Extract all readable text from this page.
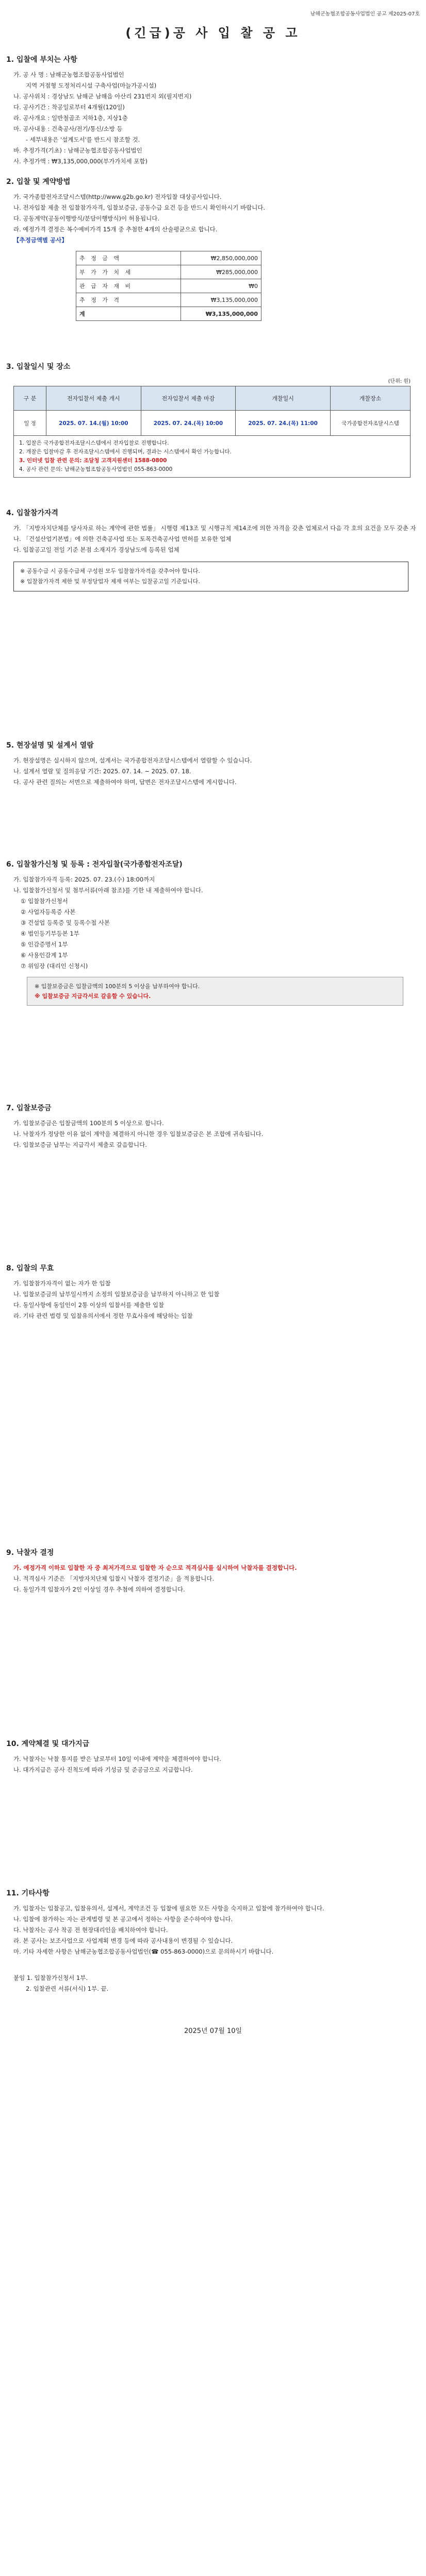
남해군농협조합공동사업법인 공고 제2025-07호
(긴급)공 사 입 찰 공 고
1. 입찰에 부치는 사항
가. 공 사 명 : 남해군농협조합공동사업법인
지역 거점형 도정처리시설 구축사업(마늘가공시설)
나. 공사위치 : 경상남도 남해군 남해읍 아산리 231번지 외(필지번지)
다. 공사기간 : 착공일로부터 4개월(120일)
라. 공사개요 : 일반철골조 지하1층, 지상1층
마. 공사내용 : 건축공사/전기/통신/소방 등
- 세부내용은 '설계도서'를 반드시 참조할 것.
바. 추정가격(기초) : 남해군농협조합공동사업법인
사. 추정가액 : ₩3,135,000,000(부가가치세 포함)
2. 입찰 및 계약방법
가. 국가종합전자조달시스템(http://www.g2b.go.kr) 전자입찰 대상공사입니다.
나. 전자입찰 제출 전 입찰참가자격, 입찰보증금, 공동수급 요건 등을 반드시 확인하시기 바랍니다.
다. 공동계약(공동이행방식/분담이행방식)이 허용됩니다.
라. 예정가격 결정은 복수예비가격 15개 중 추첨한 4개의 산술평균으로 합니다.
【추정금액별 공사】
추 정 금 액	₩2,850,000,000
부 가 가 치 세	₩285,000,000
관 급 자 재 비	₩0
추 정 가 격	₩3,135,000,000
계	₩3,135,000,000
3. 입찰일시 및 장소
(단위: 원)
구 분	전자입찰서 제출 개시	전자입찰서 제출 마감	개찰일시	개찰장소
일 정	2025. 07. 14.(월) 10:00	2025. 07. 24.(목) 10:00	2025. 07. 24.(목) 11:00	국가종합전자조달시스템
1. 입찰은 국가종합전자조달시스템에서 전자입찰로 진행합니다.
2. 개찰은 입찰마감 후 전자조달시스템에서 진행되며, 결과는 시스템에서 확인 가능합니다.
3. 인터넷 입찰 관련 문의: 조달청 고객지원센터 1588-0800
4. 공사 관련 문의: 남해군농협조합공동사업법인 055-863-0000
4. 입찰참가자격
가. 「지방자치단체를 당사자로 하는 계약에 관한 법률」 시행령 제13조 및 시행규칙 제14조에 의한 자격을 갖춘 업체로서 다음 각 호의 요건을 모두 갖춘 자
나. 「건설산업기본법」에 의한 건축공사업 또는 토목건축공사업 면허를 보유한 업체
다. 입찰공고일 전일 기준 본점 소재지가 경상남도에 등록된 업체
※ 공동수급 시 공동수급체 구성원 모두 입찰참가자격을 갖추어야 합니다.
※ 입찰참가자격 제한 및 부정당업자 제재 여부는 입찰공고일 기준입니다.
5. 현장설명 및 설계서 열람
가. 현장설명은 실시하지 않으며, 설계서는 국가종합전자조달시스템에서 열람할 수 있습니다.
나. 설계서 열람 및 질의응답 기간: 2025. 07. 14. ~ 2025. 07. 18.
다. 공사 관련 질의는 서면으로 제출하여야 하며, 답변은 전자조달시스템에 게시합니다.
6. 입찰참가신청 및 등록 : 전자입찰(국가종합전자조달)
가. 입찰참가자격 등록: 2025. 07. 23.(수) 18:00까지
나. 입찰참가신청서 및 첨부서류(아래 참조)를 기한 내 제출하여야 합니다.
① 입찰참가신청서
② 사업자등록증 사본
③ 건설업 등록증 및 등록수첩 사본
④ 법인등기부등본 1부
⑤ 인감증명서 1부
⑥ 사용인감계 1부
⑦ 위임장 (대리인 신청시)
※ 입찰보증금은 입찰금액의 100분의 5 이상을 납부하여야 합니다.
※ 입찰보증금 지급각서로 갈음할 수 있습니다.
7. 입찰보증금
가. 입찰보증금은 입찰금액의 100분의 5 이상으로 합니다.
나. 낙찰자가 정당한 이유 없이 계약을 체결하지 아니한 경우 입찰보증금은 본 조합에 귀속됩니다.
다. 입찰보증금 납부는 지급각서 제출로 갈음합니다.
8. 입찰의 무효
가. 입찰참가자격이 없는 자가 한 입찰
나. 입찰보증금의 납부일시까지 소정의 입찰보증금을 납부하지 아니하고 한 입찰
다. 동일사항에 동일인이 2통 이상의 입찰서를 제출한 입찰
라. 기타 관련 법령 및 입찰유의서에서 정한 무효사유에 해당하는 입찰
9. 낙찰자 결정
가. 예정가격 이하로 입찰한 자 중 최저가격으로 입찰한 자 순으로 적격심사를 실시하여 낙찰자를 결정합니다.
나. 적격심사 기준은 「지방자치단체 입찰시 낙찰자 결정기준」을 적용합니다.
다. 동일가격 입찰자가 2인 이상일 경우 추첨에 의하여 결정합니다.
10. 계약체결 및 대가지급
가. 낙찰자는 낙찰 통지를 받은 날로부터 10일 이내에 계약을 체결하여야 합니다.
나. 대가지급은 공사 진척도에 따라 기성금 및 준공금으로 지급합니다.
11. 기타사항
가. 입찰자는 입찰공고, 입찰유의서, 설계서, 계약조건 등 입찰에 필요한 모든 사항을 숙지하고 입찰에 참가하여야 합니다.
나. 입찰에 참가하는 자는 관계법령 및 본 공고에서 정하는 사항을 준수하여야 합니다.
다. 낙찰자는 공사 착공 전 현장대리인을 배치하여야 합니다.
라. 본 공사는 보조사업으로 사업계획 변경 등에 따라 공사내용이 변경될 수 있습니다.
마. 기타 자세한 사항은 남해군농협조합공동사업법인(☎ 055-863-0000)으로 문의하시기 바랍니다.
붙임 1. 입찰참가신청서 1부.
2. 입찰관련 서류(서식) 1부. 끝.
2025년 07월 10일
